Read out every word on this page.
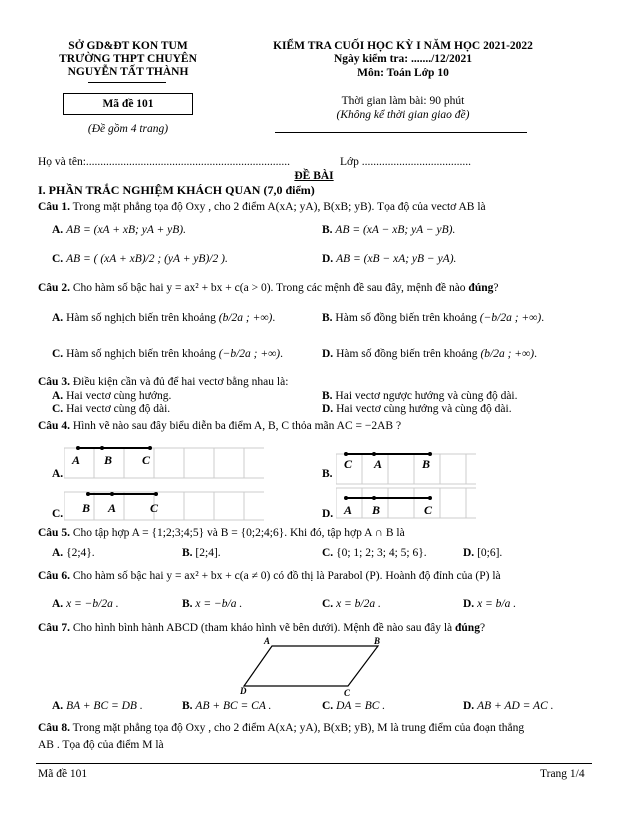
SỞ GD&ĐT KON TUM
TRƯỜNG THPT CHUYÊN
NGUYỄN TẤT THÀNH
Mã đề 101
(Đề gồm 4 trang)
KIỂM TRA CUỐI HỌC KỲ I NĂM HỌC 2021-2022
Ngày kiểm tra: ......./12/2021
Môn: Toán Lớp 10
Thời gian làm bài: 90 phút
(Không kể thời gian giao đề)
Họ và tên:.......................................................................	Lớp ......................................
ĐỀ BÀI
I. PHẦN TRẮC NGHIỆM KHÁCH QUAN (7,0 điểm)
Câu 1. Trong mặt phẳng tọa độ Oxy , cho 2 điểm A(xA; yA), B(xB; yB). Tọa độ của vectơ AB là
A. AB = (xA + xB; yA + yB).	B. AB = (xA − xB; yA − yB).
C. AB = ( (xA + xB)/2 ; (yA + yB)/2 ).	D. AB = (xB − xA; yB − yA).
Câu 2. Cho hàm số bậc hai y = ax² + bx + c(a > 0). Trong các mệnh đề sau đây, mệnh đề nào đúng?
A. Hàm số nghịch biến trên khoảng (b/2a ; +∞).	B. Hàm số đồng biến trên khoảng (−b/2a ; +∞).
C. Hàm số nghịch biến trên khoảng (−b/2a ; +∞).	D. Hàm số đồng biến trên khoảng (b/2a ; +∞).
Câu 3. Điều kiện cần và đủ để hai vectơ bằng nhau là:
A. Hai vectơ cùng hướng.	B. Hai vectơ ngược hướng và cùng độ dài.
C. Hai vectơ cùng độ dài.	D. Hai vectơ cùng hướng và cùng độ dài.
Câu 4. Hình vẽ nào sau đây biểu diễn ba điểm A, B, C thỏa mãn AC = −2AB ?
A.
A B C
B.
C A	B
C. B A	C	D. A B	C
Câu 5. Cho tập hợp A = {1;2;3;4;5} và B = {0;2;4;6}. Khi đó, tập hợp A ∩ B là
A. {2;4}.	B. [2;4].	C. {0; 1; 2; 3; 4; 5; 6}.	D. [0;6].
Câu 6. Cho hàm số bậc hai y = ax² + bx + c(a ≠ 0) có đồ thị là Parabol (P). Hoành độ đỉnh của (P) là
A. x = −b/2a .	B. x = −b/a .	C. x = b/2a .	D. x = b/a .
Câu 7. Cho hình bình hành ABCD (tham khảo hình vẽ bên dưới). Mệnh đề nào sau đây là đúng?
A	B
C
D
A. BA + BC = DB .	B. AB + BC = CA .	C. DA = BC .	D. AB + AD = AC .
Câu 8. Trong mặt phẳng tọa độ Oxy , cho 2 điểm A(xA; yA), B(xB; yB), M là trung điểm của đoạn thẳng
AB . Tọa độ của điểm M là
Mã đề 101	Trang 1/4
